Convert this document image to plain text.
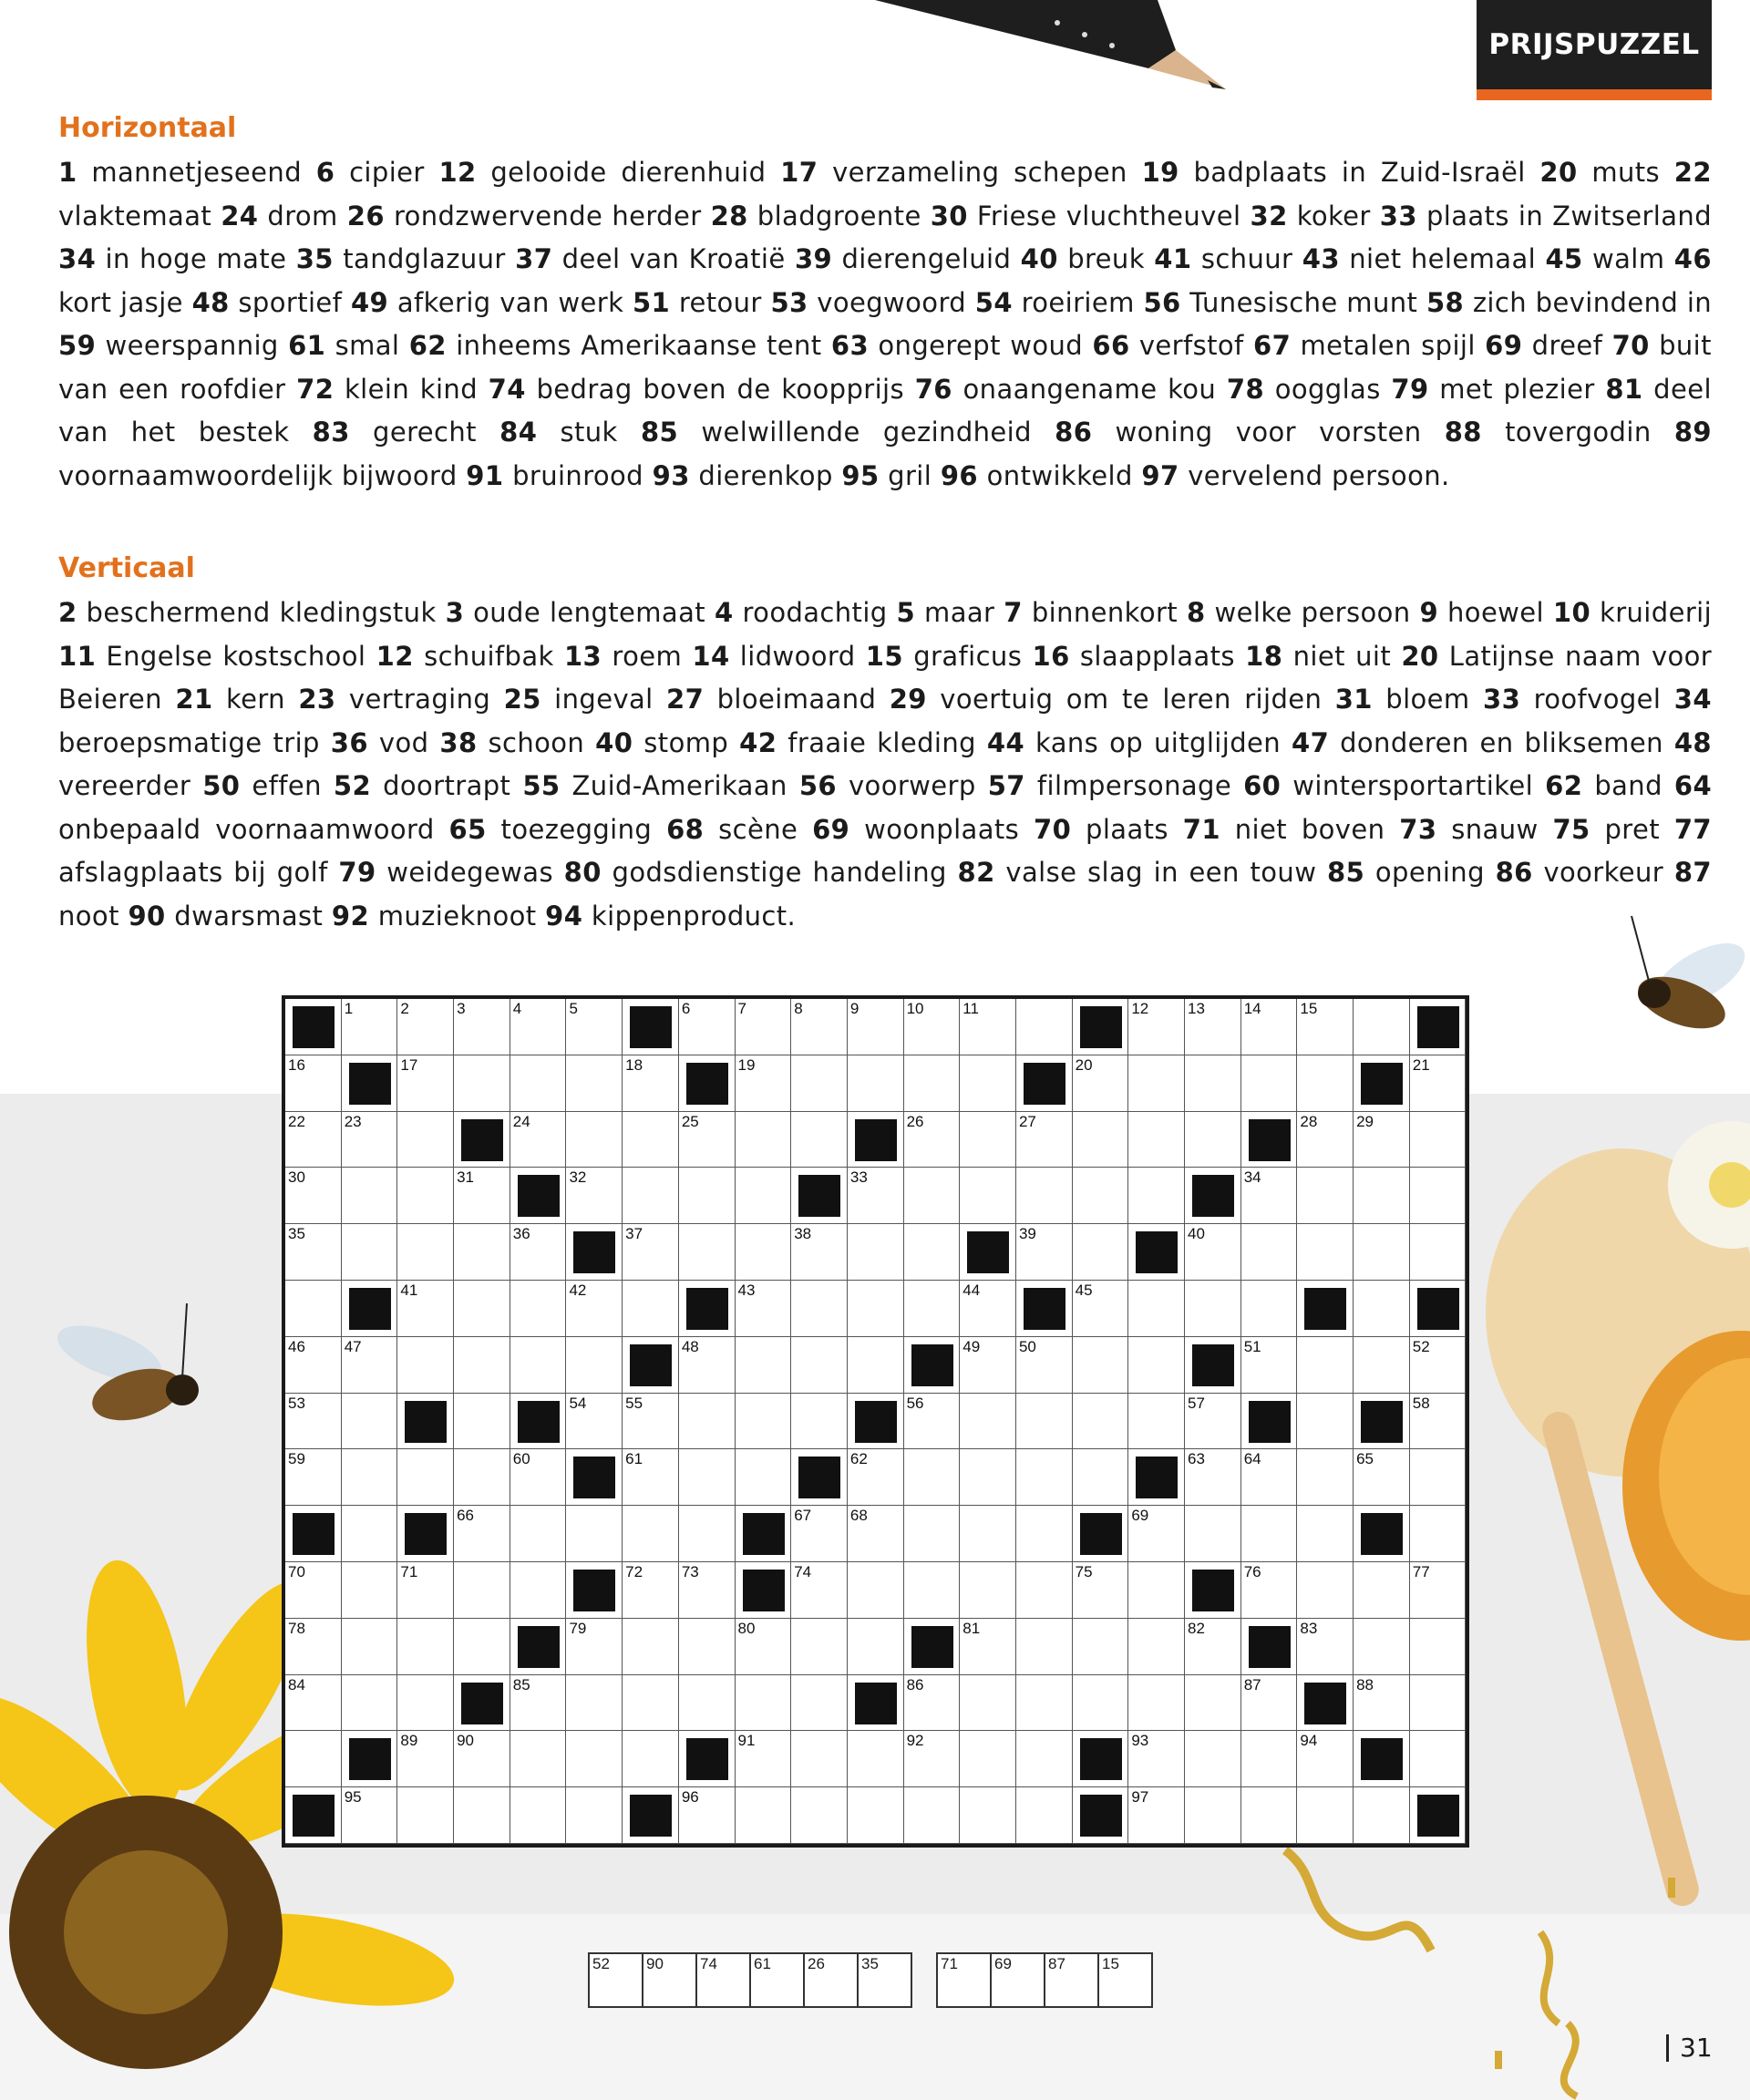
PRIJSPUZZEL
Horizontaal
1 mannetjeseend 6 cipier 12 gelooide dierenhuid 17 verzameling schepen 19 badplaats in Zuid-Israël 20 muts 22 vlaktemaat 24 drom 26 rondzwervende herder 28 bladgroente 30 Friese vluchtheuvel 32 koker 33 plaats in Zwitserland 34 in hoge mate 35 tandglazuur 37 deel van Kroatië 39 dierengeluid 40 breuk 41 schuur 43 niet helemaal 45 walm 46 kort jasje 48 sportief 49 afkerig van werk 51 retour 53 voegwoord 54 roeiriem 56 Tunesische munt 58 zich bevindend in 59 weerspannig 61 smal 62 inheems Amerikaanse tent 63 ongerept woud 66 verfstof 67 metalen spijl 69 dreef 70 buit van een roofdier 72 klein kind 74 bedrag boven de koopprijs 76 onaangename kou 78 oogglas 79 met plezier 81 deel van het bestek 83 gerecht 84 stuk 85 welwillende gezindheid 86 woning voor vorsten 88 tovergodin 89 voornaamwoordelijk bijwoord 91 bruinrood 93 dierenkop 95 gril 96 ontwikkeld 97 vervelend persoon.
Verticaal
2 beschermend kledingstuk 3 oude lengtemaat 4 roodachtig 5 maar 7 binnenkort 8 welke persoon 9 hoewel 10 kruiderij 11 Engelse kostschool 12 schuifbak 13 roem 14 lidwoord 15 graficus 16 slaapplaats 18 niet uit 20 Latijnse naam voor Beieren 21 kern 23 vertraging 25 ingeval 27 bloeimaand 29 voertuig om te leren rijden 31 bloem 33 roofvogel 34 beroepsmatige trip 36 vod 38 schoon 40 stomp 42 fraaie kleding 44 kans op uitglijden 47 donderen en bliksemen 48 vereerder 50 effen 52 doortrapt 55 Zuid-Amerikaan 56 voorwerp 57 filmpersonage 60 wintersportartikel 62 band 64 onbepaald voornaamwoord 65 toezegging 68 scène 69 woonplaats 70 plaats 71 niet boven 73 snauw 75 pret 77 afslagplaats bij golf 79 weidegewas 80 godsdienstige handeling 82 valse slag in een touw 85 opening 86 voorkeur 87 noot 90 dwarsmast 92 muzieknoot 94 kippenproduct.
1	2	3	4	5	6	7	8	9	10	11	12	13	14	15
16	17	18	19	20	21
22	23	24	25	26	27	28	29
30	31	32	33	34
35	36	37	38	39	40
41	42	43	44	45
46	47	48	49	50	51	52
53	54	55	56	57	58
59	60	61	62	63	64	65
66	67	68	69
70	71	72	73	74	75	76	77
78	79	80	81	82	83
84	85	86	87	88
89	90	91	92	93	94
95	96	97
52 90 74 61 26 35	71 69 87 15
31
